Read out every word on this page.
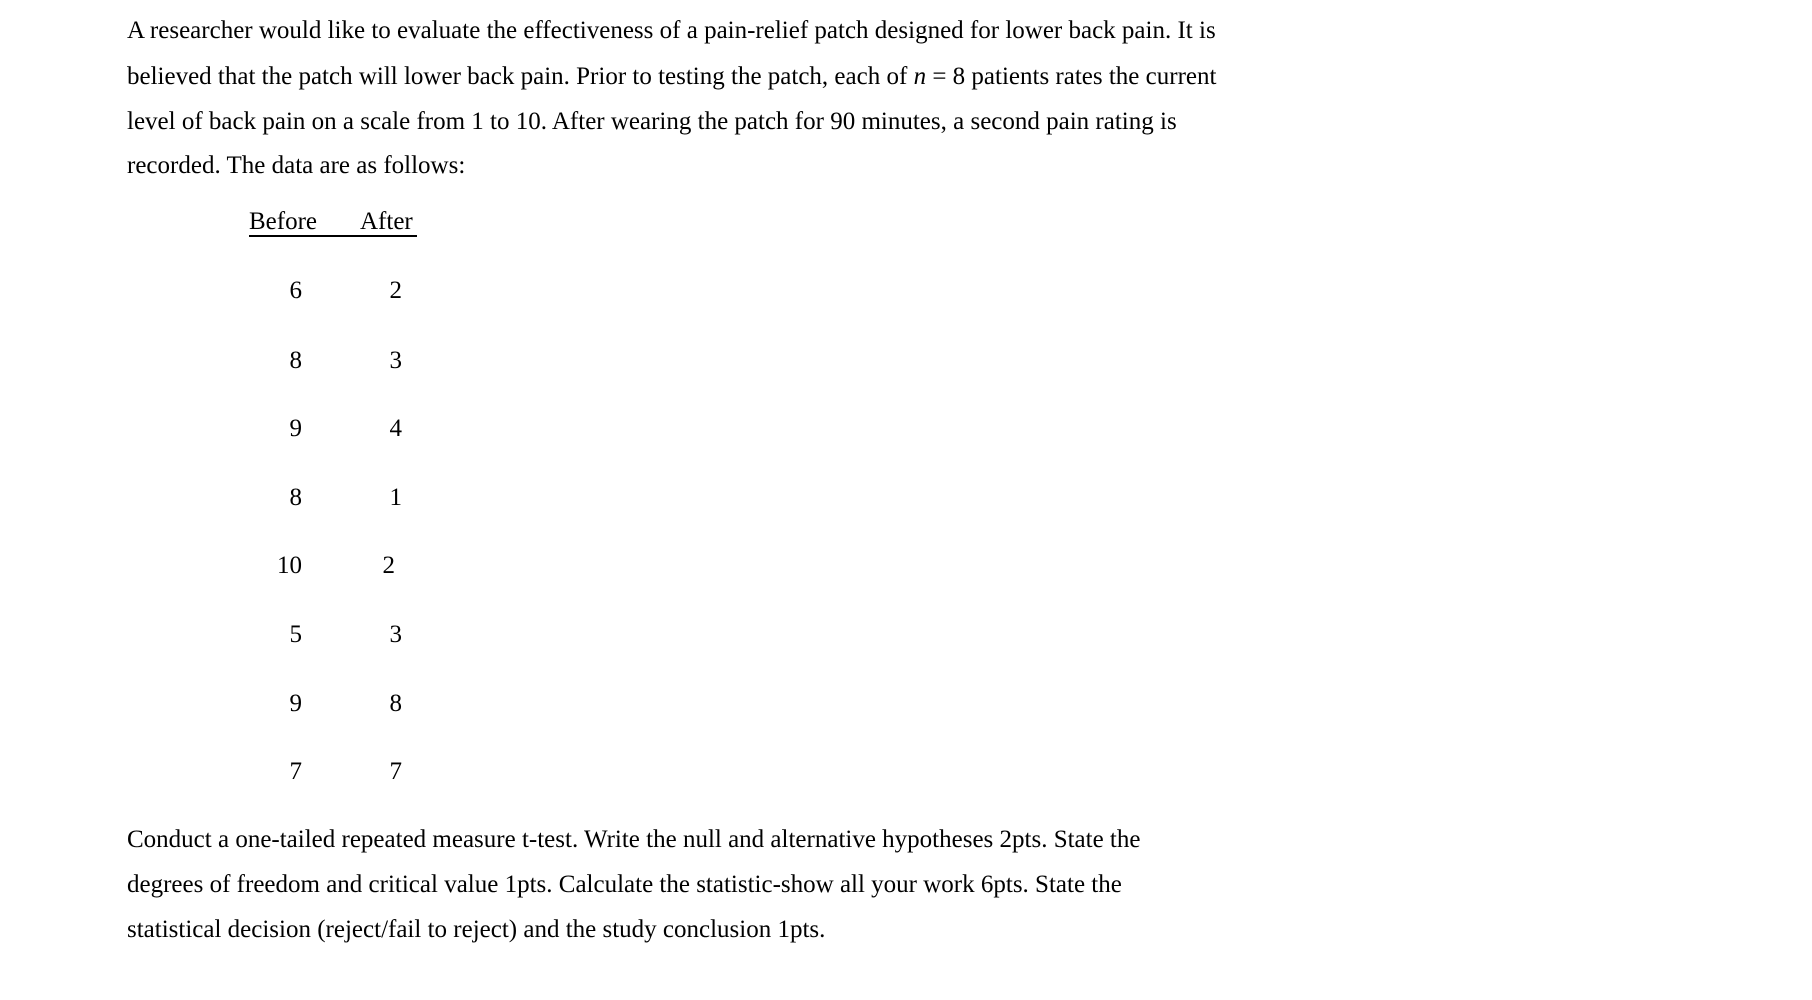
A researcher would like to evaluate the effectiveness of a pain-relief patch designed for lower back pain. It is
believed that the patch will lower back pain. Prior to testing the patch, each of n = 8 patients rates the current
level of back pain on a scale from 1 to 10. After wearing the patch for 90 minutes, a second pain rating is
recorded. The data are as follows:
Before After
6	2
8	3
9	4
8	1
10	2
5	3
9	8
7	7
Conduct a one-tailed repeated measure t-test. Write the null and alternative hypotheses 2pts. State the
degrees of freedom and critical value 1pts. Calculate the statistic-show all your work 6pts. State the
statistical decision (reject/fail to reject) and the study conclusion 1pts.
